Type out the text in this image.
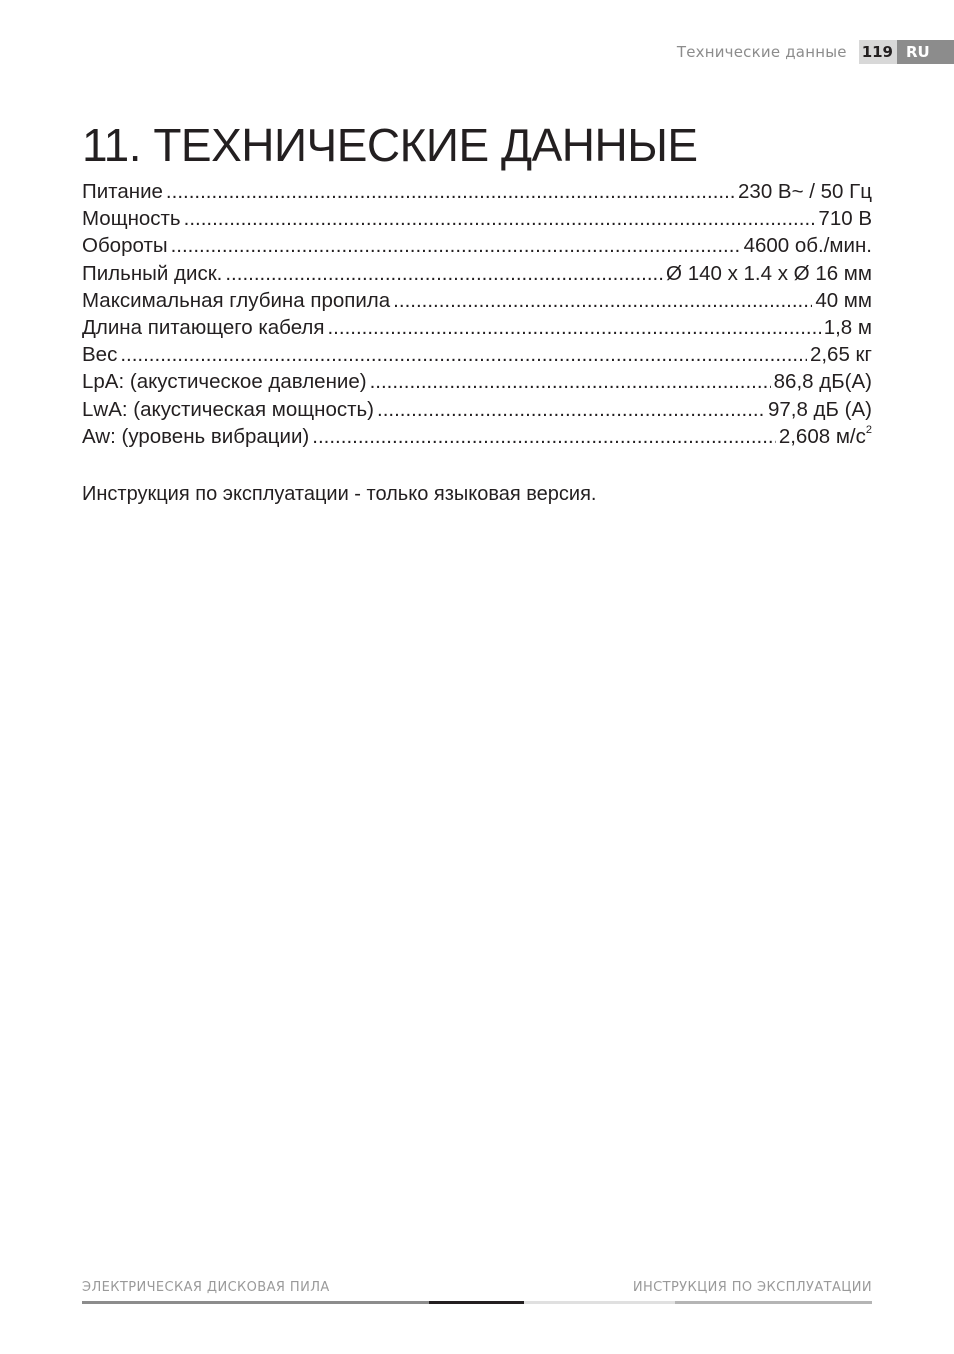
Технические данные 119 RU
11. ТЕХНИЧЕСКИЕ ДАННЫЕ
Питание .....	230 В~ / 50 Гц
Мощность .....	710 В
Обороты .....	4600 об./мин.
Пильный диск. .....	Ø 140 х 1.4 х Ø 16 мм
Максимальная глубина пропила .....	40 мм
Длина питающего кабеля .....	1,8 м
Вес .....	2,65 кг
LpA: (акустическое давление) .....	86,8 дБ(А)
LwA: (акустическая мощность) .....	97,8 дБ (А)
Aw: (уровень вибрации) .....	2,608 $м/с^2$

Инструкция по эксплуатации - только языковая версия.

ЭЛЕКТРИЧЕСКАЯ ДИСКОВАЯ ПИЛА	ИНСТРУКЦИЯ ПО ЭКСПЛУАТАЦИИ
